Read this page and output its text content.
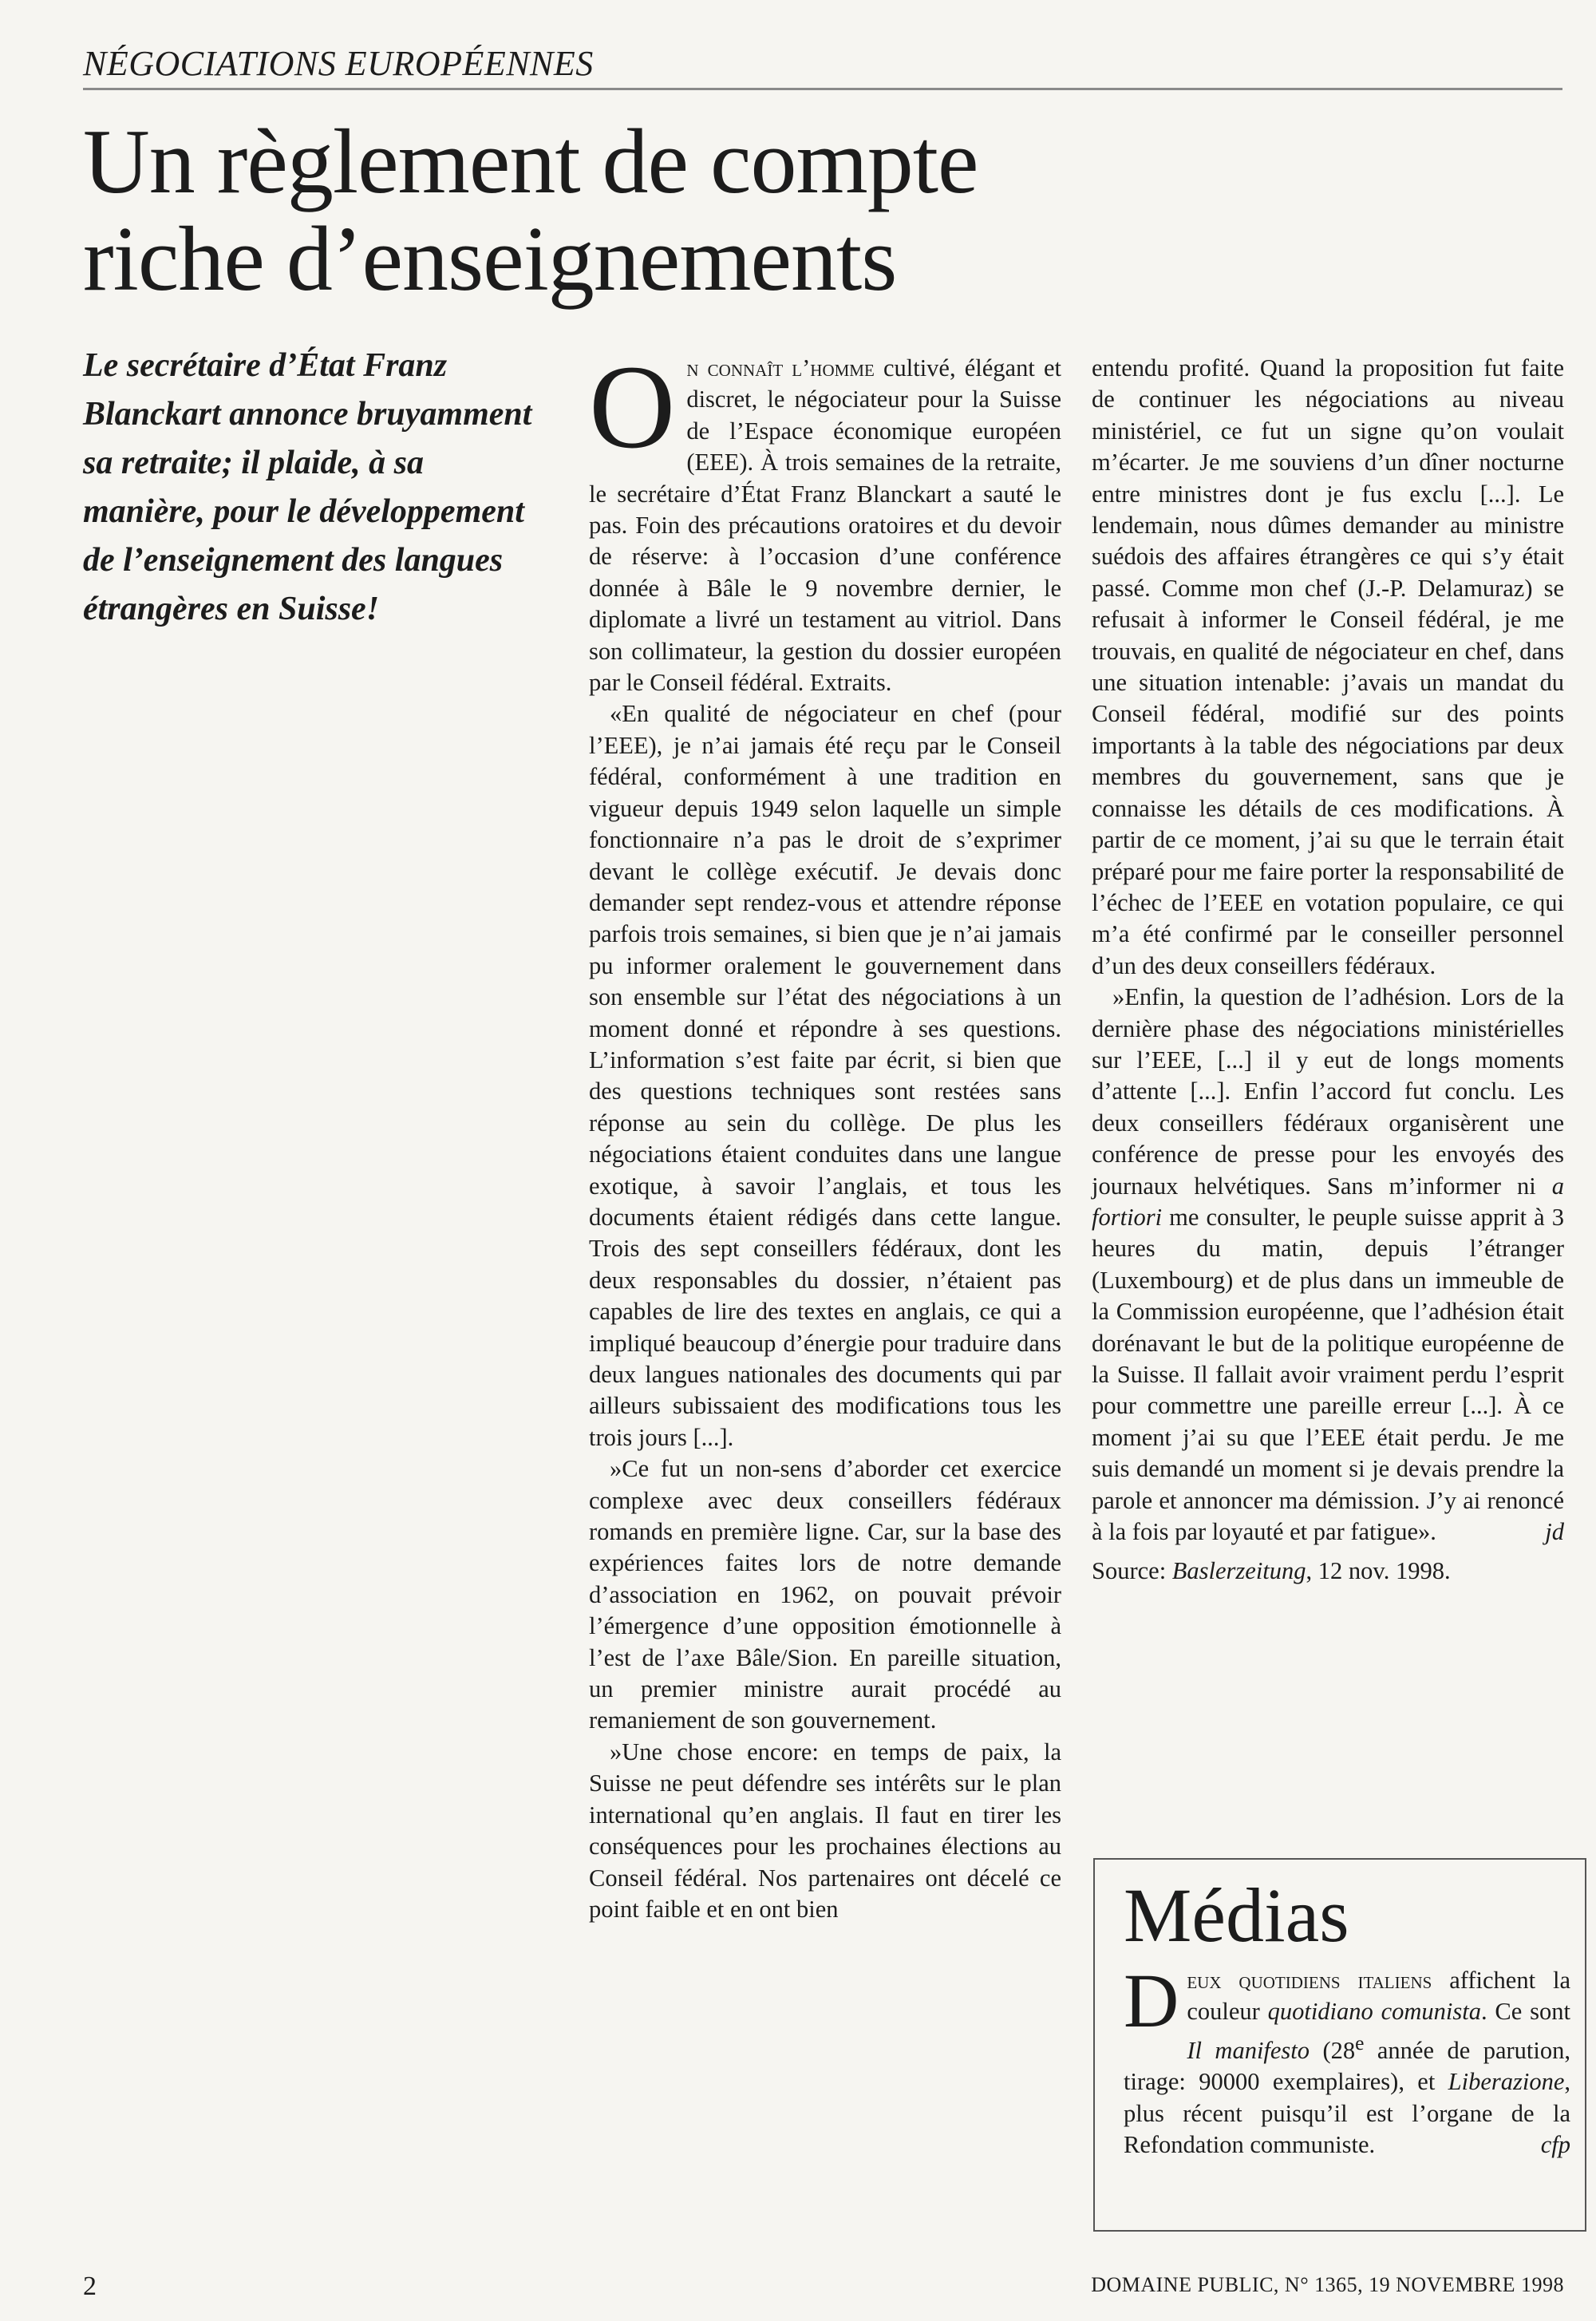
NÉGOCIATIONS EUROPÉENNES
Un règlement de compte
riche d’enseignements

Le secrétaire d’État Franz Blanckart annonce bruyamment sa retraite; il plaide, à sa manière, pour le développement de l’enseignement des langues étrangères en Suisse!

On connaît l’homme cultivé, élégant et discret, le négociateur pour la Suisse de l’Espace économique européen (EEE). À trois semaines de la retraite, le secrétaire d’État Franz Blanckart a sauté le pas. Foin des précautions oratoires et du devoir de réserve: à l’occasion d’une conférence donnée à Bâle le 9 novembre dernier, le diplomate a livré un testament au vitriol. Dans son collimateur, la gestion du dossier européen par le Conseil fédéral. Extraits.

«En qualité de négociateur en chef (pour l’EEE), je n’ai jamais été reçu par le Conseil fédéral, conformément à une tradition en vigueur depuis 1949 selon laquelle un simple fonctionnaire n’a pas le droit de s’exprimer devant le collège exécutif. Je devais donc demander sept rendez-vous et attendre réponse parfois trois semaines, si bien que je n’ai jamais pu informer oralement le gouvernement dans son ensemble sur l’état des négociations à un moment donné et répondre à ses questions. L’information s’est faite par écrit, si bien que des questions techniques sont restées sans réponse au sein du collège. De plus les négociations étaient conduites dans une langue exotique, à savoir l’anglais, et tous les documents étaient rédigés dans cette langue. Trois des sept conseillers fédéraux, dont les deux responsables du dossier, n’étaient pas capables de lire des textes en anglais, ce qui a impliqué beaucoup d’énergie pour traduire dans deux langues nationales des documents qui par ailleurs subissaient des modifications tous les trois jours [...].

»Ce fut un non-sens d’aborder cet exercice complexe avec deux conseillers fédéraux romands en première ligne. Car, sur la base des expériences faites lors de notre demande d’association en 1962, on pouvait prévoir l’émergence d’une opposition émotionnelle à l’est de l’axe Bâle/Sion. En pareille situation, un premier ministre aurait procédé au remaniement de son gouvernement.

»Une chose encore: en temps de paix, la Suisse ne peut défendre ses intérêts sur le plan international qu’en anglais. Il faut en tirer les conséquences pour les prochaines élections au Conseil fédéral. Nos partenaires ont décelé ce point faible et en ont bien

entendu profité. Quand la proposition fut faite de continuer les négociations au niveau ministériel, ce fut un signe qu’on voulait m’écarter. Je me souviens d’un dîner nocturne entre ministres dont je fus exclu [...]. Le lendemain, nous dûmes demander au ministre suédois des affaires étrangères ce qui s’y était passé. Comme mon chef (J.-P. Delamuraz) se refusait à informer le Conseil fédéral, je me trouvais, en qualité de négociateur en chef, dans une situation intenable: j’avais un mandat du Conseil fédéral, modifié sur des points importants à la table des négociations par deux membres du gouvernement, sans que je connaisse les détails de ces modifications. À partir de ce moment, j’ai su que le terrain était préparé pour me faire porter la responsabilité de l’échec de l’EEE en votation populaire, ce qui m’a été confirmé par le conseiller personnel d’un des deux conseillers fédéraux.

»Enfin, la question de l’adhésion. Lors de la dernière phase des négociations ministérielles sur l’EEE, [...] il y eut de longs moments d’attente [...]. Enfin l’accord fut conclu. Les deux conseillers fédéraux organisèrent une conférence de presse pour les envoyés des journaux helvétiques. Sans m’informer ni a fortiori me consulter, le peuple suisse apprit à 3 heures du matin, depuis l’étranger (Luxembourg) et de plus dans un immeuble de la Commission européenne, que l’adhésion était dorénavant le but de la politique européenne de la Suisse. Il fallait avoir vraiment perdu l’esprit pour commettre une pareille erreur [...]. À ce moment j’ai su que l’EEE était perdu. Je me suis demandé un moment si je devais prendre la parole et annoncer ma démission. J’y ai renoncé à la fois par loyauté et par fatigue».	jd

Source: Baslerzeitung, 12 nov. 1998.

Médias

Deux quotidiens italiens affichent la couleur quotidiano comunista. Ce sont Il manifesto (28e année de parution, tirage: 90000 exemplaires), et Liberazione, plus récent puisqu’il est l’organe de la Refondation communiste.	cfp

2	DOMAINE PUBLIC, N° 1365, 19 NOVEMBRE 1998
